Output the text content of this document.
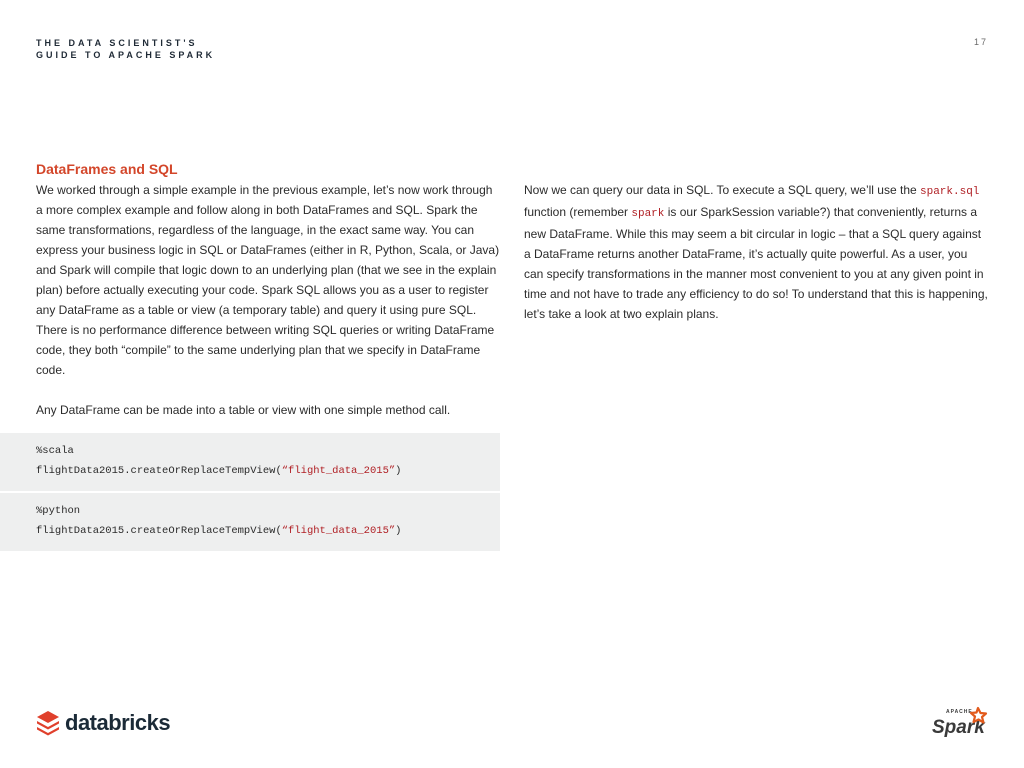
THE DATA SCIENTIST'S
GUIDE TO APACHE SPARK
17
DataFrames and SQL
We worked through a simple example in the previous example, let’s now work through a more complex example and follow along in both DataFrames and SQL. Spark the same transformations, regardless of the language, in the exact same way. You can express your business logic in SQL or DataFrames (either in R, Python, Scala, or Java) and Spark will compile that logic down to an underlying plan (that we see in the explain plan) before actually executing your code. Spark SQL allows you as a user to register any DataFrame as a table or view (a temporary table) and query it using pure SQL. There is no performance difference between writing SQL queries or writing DataFrame code, they both “compile” to the same underlying plan that we specify in DataFrame code.
Any DataFrame can be made into a table or view with one simple method call.
%scala
flightData2015.createOrReplaceTempView(“flight_data_2015”)
%python
flightData2015.createOrReplaceTempView(“flight_data_2015”)
Now we can query our data in SQL. To execute a SQL query, we’ll use the spark.sql function (remember spark is our SparkSession variable?) that conveniently, returns a new DataFrame. While this may seem a bit circular in logic – that a SQL query against a DataFrame returns another DataFrame, it’s actually quite powerful. As a user, you can specify transformations in the manner most convenient to you at any given point in time and not have to trade any efficiency to do so! To understand that this is happening, let’s take a look at two explain plans.
databricks	APACHE
Spark
